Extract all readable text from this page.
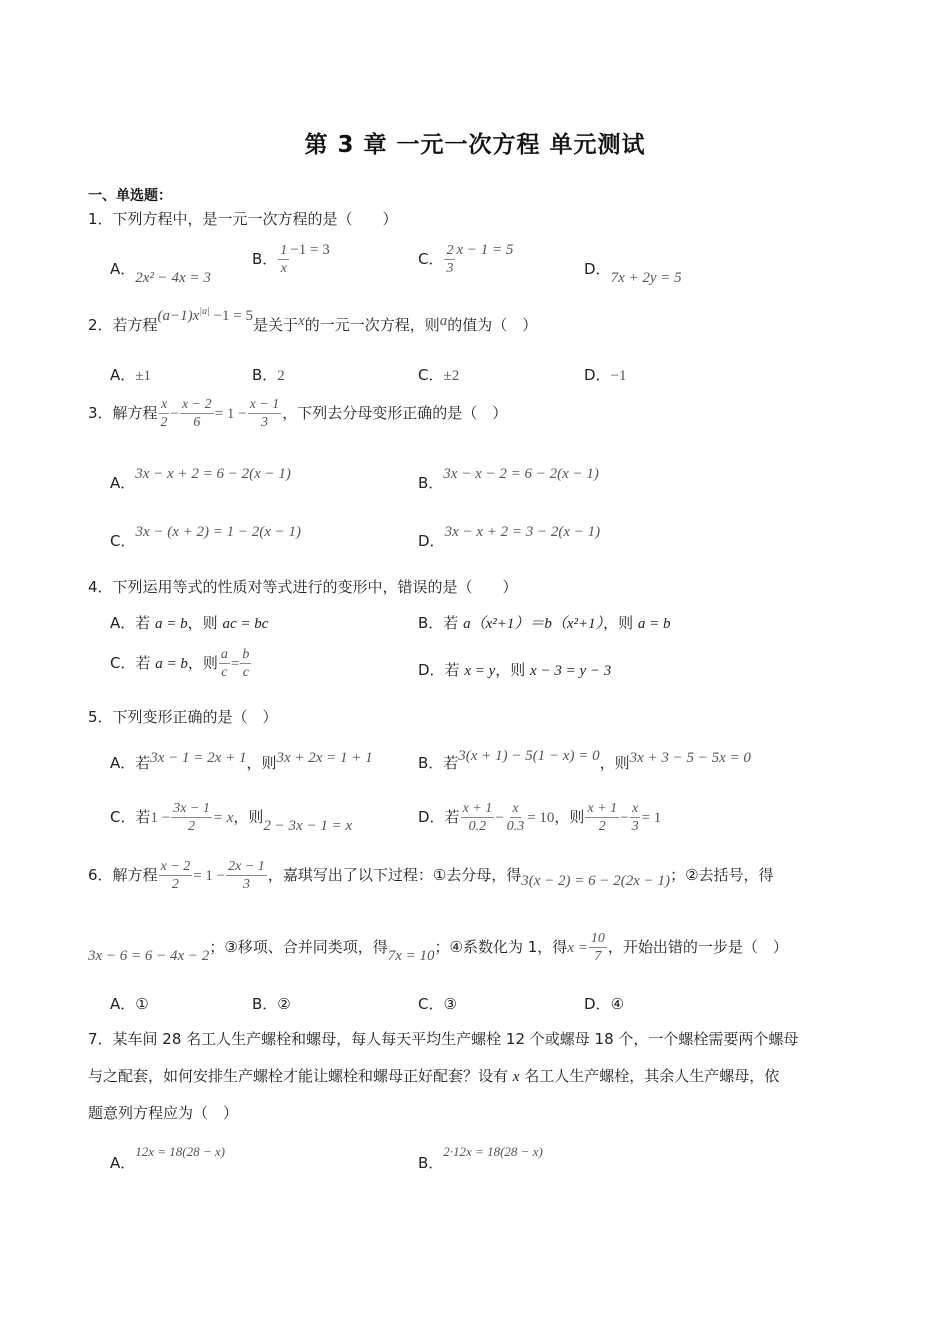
第 3 章 一元一次方程 单元测试
一、单选题：
1．下列方程中，是一元一次方程的是（　　）
A．2x² − 4x = 3
B． $\frac{1}{x} -1 = 3$	C． $\frac{2}{3}$ x − 1 = 5
D．7x + 2y = 5
2．若方程$(a-1)x^{|a|} -1 = 5$是关于x的一元一次方程，则a的值为（　）
A．±1	B．2	C．±2	D．−1
3．解方程 $\frac{x}{2} - \frac{x - 2}{6} = 1 - \frac{x - 1}{3}$ ，下列去分母变形正确的是（　）
A．3x − x + 2 = 6 − 2(x − 1)	B．3x − x − 2 = 6 − 2(x − 1)
C．3x − (x + 2) = 1 − 2(x − 1)	D．3x − x + 2 = 3 − 2(x − 1)
4．下列运用等式的性质对等式进行的变形中，错误的是（　　）
A．若 a = b，则 ac = bc	B．若 a（x²+1）＝b（x²+1），则 a = b
C．若 a = b，则 $\frac{a}{c} = \frac{b}{c}$	D．若 x = y，则 x − 3 = y − 3
5．下列变形正确的是（　）
A．若3x − 1 = 2x + 1，则3x + 2x = 1 + 1	B．若3(x + 1) − 5(1 − x) = 0，则3x + 3 − 5 − 5x = 0
C．若$1 - \frac{3x - 1}{2} = x$，则2 − 3x − 1 = x	D．若 $\frac{x + 1}{0.2} - \frac{x}{0.3} = 10$，则 $\frac{x + 1}{2} - \frac{x}{3} = 1$
6．解方程 $\frac{x - 2}{2} = 1 - \frac{2x - 1}{3}$ ，嘉琪写出了以下过程：①去分母，得3(x − 2) = 6 − 2(2x − 1)；②去括号，得
3x − 6 = 6 − 4x − 2；③移项、合并同类项，得7x = 10；④系数化为 1，得$x = \frac{10}{7}$ ，开始出错的一步是（　）
A．①	B．②	C．③	D．④
7．某车间 28 名工人生产螺栓和螺母，每人每天平均生产螺栓 12 个或螺母 18 个，一个螺栓需要两个螺母
与之配套，如何安排生产螺栓才能让螺栓和螺母正好配套？设有 x 名工人生产螺栓，其余人生产螺母，依
题意列方程应为（　）
A．12x = 18(28 − x)
B．2·12x = 18(28 − x)
